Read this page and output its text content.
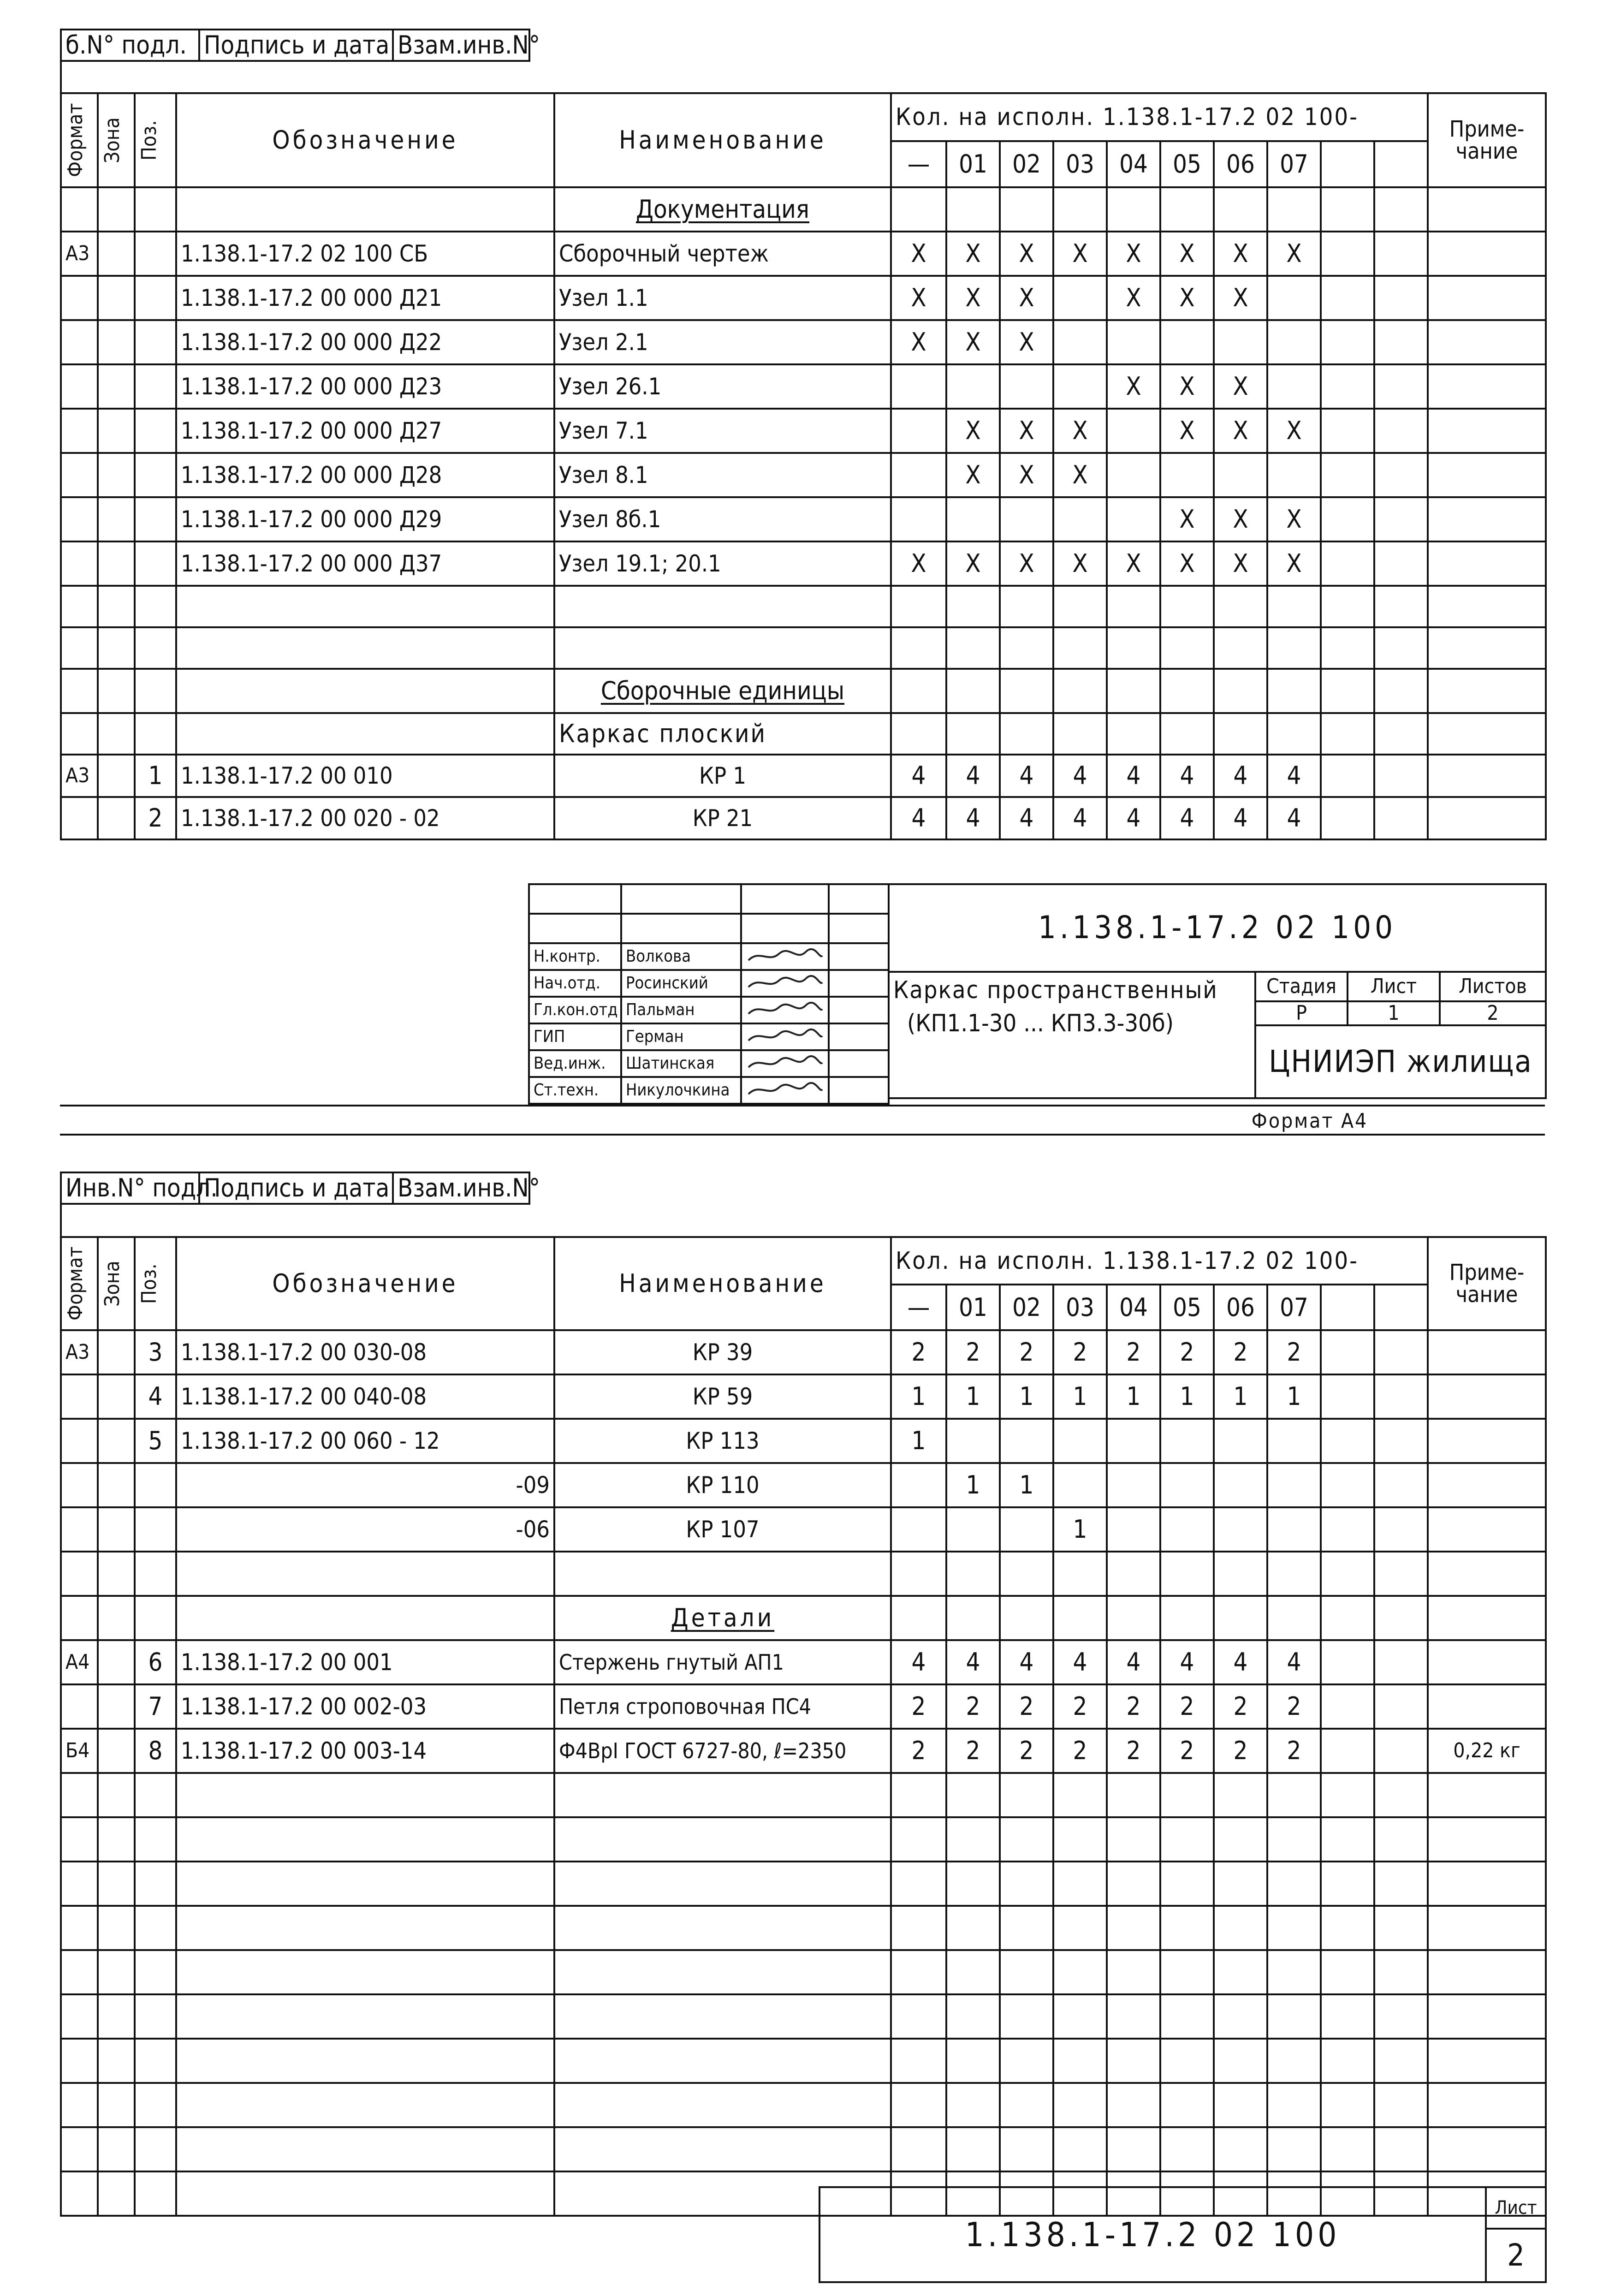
б.N° подл.	Подпись и дата	Взам.инв.N°
Формат	Зона	Поз.	Обозначение	Наименование	Кол. на исполн. 1.138.1-17.2 02 100-										Приме-чание
					—	01	02	03	04	05	06	07			
				Документация											
А3			1.138.1-17.2 02 100 СБ	Сборочный чертеж	X	X	X	X	X	X	X	X			
			1.138.1-17.2 00 000 Д21	Узел 1.1	X	X	X		X	X	X				
			1.138.1-17.2 00 000 Д22	Узел 2.1	X	X	X								
			1.138.1-17.2 00 000 Д23	Узел 26.1					X	X	X				
			1.138.1-17.2 00 000 Д27	Узел 7.1		X	X	X		X	X	X			
			1.138.1-17.2 00 000 Д28	Узел 8.1		X	X	X							
			1.138.1-17.2 00 000 Д29	Узел 8б.1						X	X	X			
			1.138.1-17.2 00 000 Д37	Узел 19.1; 20.1	X	X	X	X	X	X	X	X			

				Сборочные единицы											
				Каркас плоский											
А3		1	1.138.1-17.2 00 010	КР 1	4	4	4	4	4	4	4	4			
		2	1.138.1-17.2 00 020 - 02	КР 21	4	4	4	4	4	4	4	4			

Н.контр.	Волкова		
Нач.отд.	Росинский		
Гл.кон.отд	Пальман		
ГИП	Герман		
Вед.инж.	Шатинская		
Ст.техн.	Никулочкина		
1.138.1-17.2 02 100			

Каркас пространственный
(КП1.1-30 ... КП3.3-30б)	Стадия	Лист	Листов
	Р	1	2
	ЦНИИЭП жилища		
Формат А4
Инв.N° подл.	Подпись и дата	Взам.инв.N°
Формат	Зона	Поз.	Обозначение	Наименование	Кол. на исполн. 1.138.1-17.2 02 100-										Приме-чание
					—	01	02	03	04	05	06	07			
А3		3	1.138.1-17.2 00 030-08	КР 39	2	2	2	2	2	2	2	2			
		4	1.138.1-17.2 00 040-08	КР 59	1	1	1	1	1	1	1	1			
		5	1.138.1-17.2 00 060 - 12	КР 113	1										
			-09	КР 110		1	1								
			-06	КР 107				1							

				Детали											
А4		6	1.138.1-17.2 00 001	Стержень гнутый АП1	4	4	4	4	4	4	4	4			
		7	1.138.1-17.2 00 002-03	Петля строповочная ПС4	2	2	2	2	2	2	2	2			
Б4		8	1.138.1-17.2 00 003-14	Ф4ВрI ГОСТ 6727-80, ℓ=2350	2	2	2	2	2	2	2	2			0,22 кг

1.138.1-17.2 02 100	Лист
2
